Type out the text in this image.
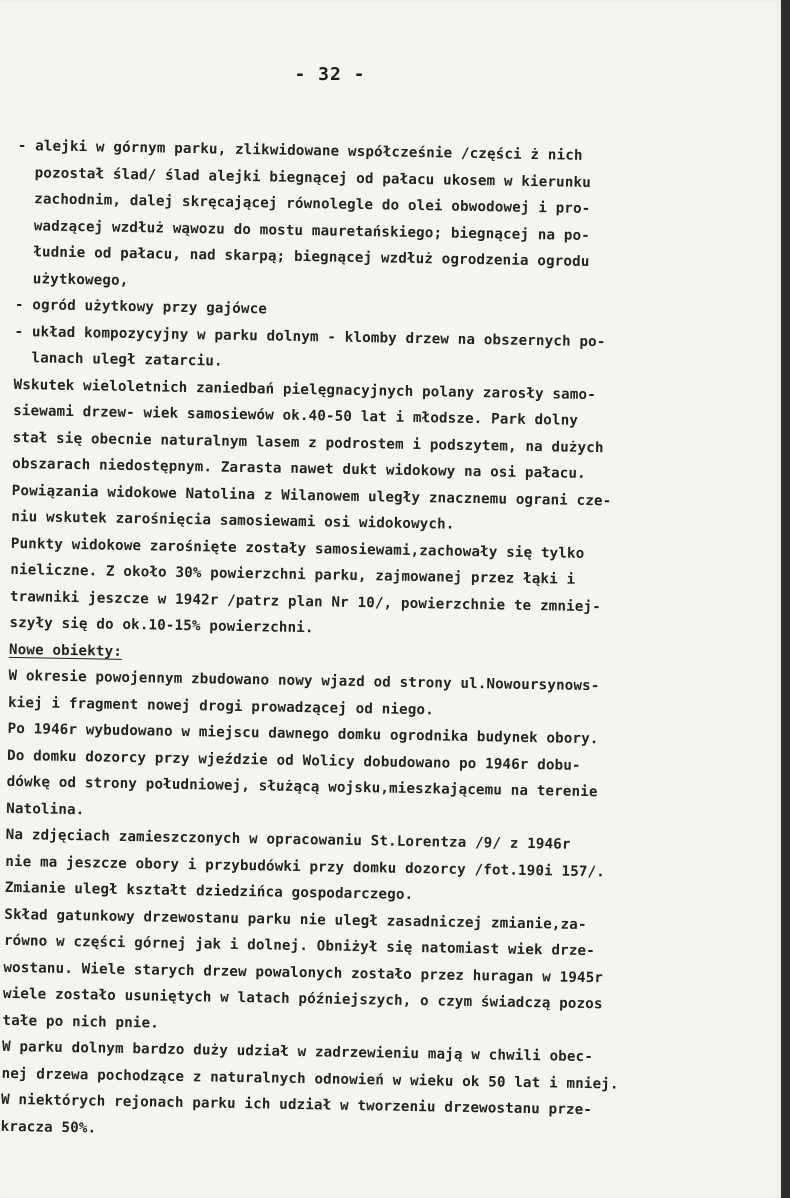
- 32 -
- alejki w górnym parku, zlikwidowane współcześnie /części ż nich
pozostał ślad/ ślad alejki biegnącej od pałacu ukosem w kierunku
zachodnim, dalej skręcającej równolegle do olei obwodowej i pro-
wadzącej wzdłuż wąwozu do mostu mauretańskiego; biegnącej na po-
łudnie od pałacu, nad skarpą; biegnącej wzdłuż ogrodzenia ogrodu
użytkowego,
- ogród użytkowy przy gajówce
- układ kompozycyjny w parku dolnym - klomby drzew na obszernych po-
lanach uległ zatarciu.
Wskutek wieloletnich zaniedbań pielęgnacyjnych polany zarosły samo-
siewami drzew- wiek samosiewów ok.40-50 lat i młodsze. Park dolny
stał się obecnie naturalnym lasem z podrostem i podszytem, na dużych
obszarach niedostępnym. Zarasta nawet dukt widokowy na osi pałacu.
Powiązania widokowe Natolina z Wilanowem uległy znacznemu ograni cze-
niu wskutek zarośnięcia samosiewami osi widokowych.
Punkty widokowe zarośnięte zostały samosiewami,zachowały się tylko
nieliczne. Z około 30% powierzchni parku, zajmowanej przez łąki i
trawniki jeszcze w 1942r /patrz plan Nr 10/, powierzchnie te zmniej-
szyły się do ok.10-15% powierzchni.
Nowe obiekty:
W okresie powojennym zbudowano nowy wjazd od strony ul.Nowoursynows-
kiej i fragment nowej drogi prowadzącej od niego.
Po 1946r wybudowano w miejscu dawnego domku ogrodnika budynek obory.
Do domku dozorcy przy wjeździe od Wolicy dobudowano po 1946r dobu-
dówkę od strony południowej, służącą wojsku,mieszkającemu na terenie
Natolina.
Na zdjęciach zamieszczonych w opracowaniu St.Lorentza /9/ z 1946r
nie ma jeszcze obory i przybudówki przy domku dozorcy /fot.190i 157/.
Zmianie uległ kształt dziedzińca gospodarczego.
Skład gatunkowy drzewostanu parku nie uległ zasadniczej zmianie,za-
równo w części górnej jak i dolnej. Obniżył się natomiast wiek drze-
wostanu. Wiele starych drzew powalonych zostało przez huragan w 1945r
wiele zostało usuniętych w latach późniejszych, o czym świadczą pozos
tałe po nich pnie.
W parku dolnym bardzo duży udział w zadrzewieniu mają w chwili obec-
nej drzewa pochodzące z naturalnych odnowień w wieku ok 50 lat i mniej.
W niektórych rejonach parku ich udział w tworzeniu drzewostanu prze-
kracza 50%.
